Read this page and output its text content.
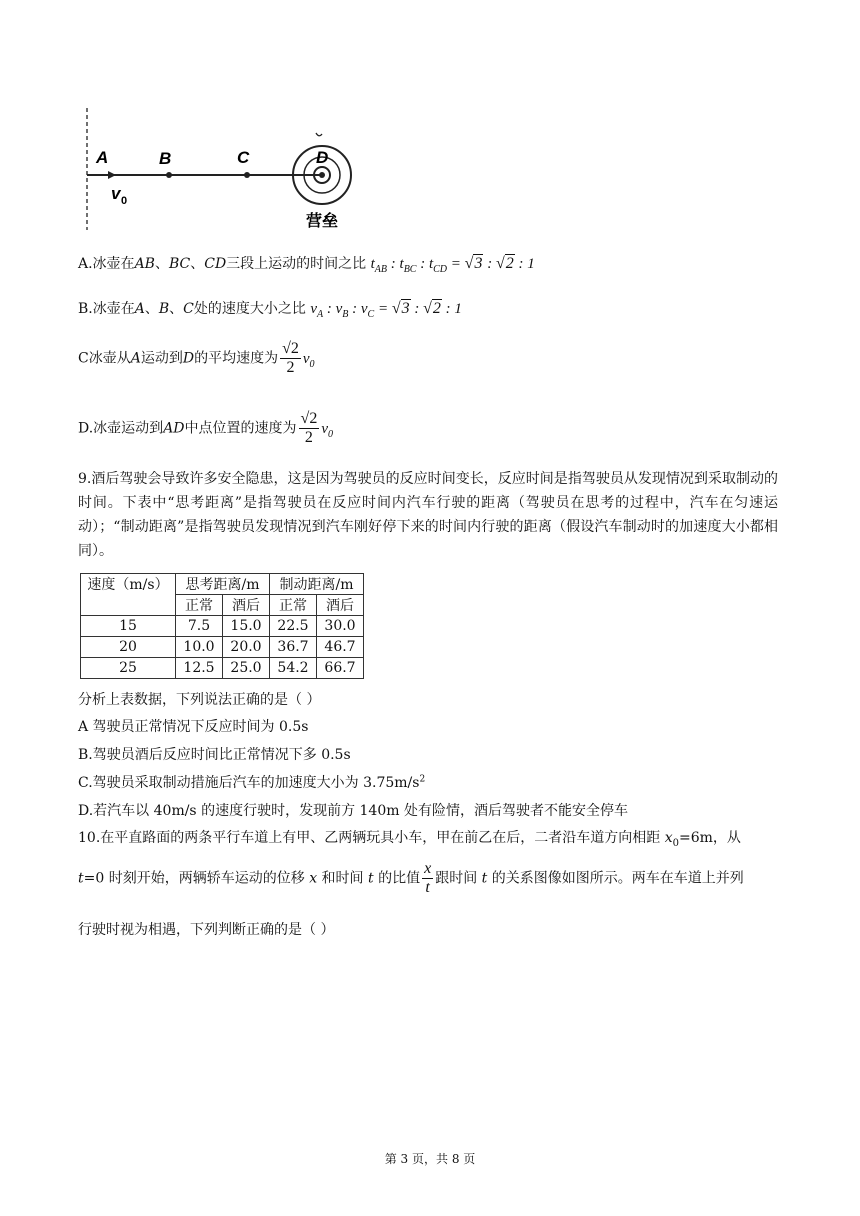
A	B	C	D
v 0
营垒
A.冰壶在AB、BC、CD三段上运动的时间之比 $t_{AB}$ : $t_{BC}$ : $t_{CD} = √3$ : √2 : 1
B.冰壶在A、B、C处的速度大小之比 $v_A$ : $v_B$ : $v_C = √3$ : √2 : 1
C冰壶从A运动到D的平均速度为 $\frac{√2}{2} v_0$
D.冰壶运动到AD中点位置的速度为 $\frac{√2}{2} v_0$
9.酒后驾驶会导致许多安全隐患，这是因为驾驶员的反应时间变长，反应时间是指驾驶员从发现情况到采取制动的时间。下表中“思考距离”是指驾驶员在反应时间内汽车行驶的距离（驾驶员在思考的过程中，汽车在匀速运动）；“制动距离”是指驾驶员发现情况到汽车刚好停下来的时间内行驶的距离（假设汽车制动时的加速度大小都相同）。
速度（m/s）	思考距离/m		制动距离/m	
	正常	酒后	正常	酒后
15	7.5	15.0	22.5	30.0
20	10.0	20.0	36.7	46.7
25	12.5	25.0	54.2	66.7
分析上表数据，下列说法正确的是（ ）
A 驾驶员正常情况下反应时间为 0.5s
B.驾驶员酒后反应时间比正常情况下多 0.5s
C.驾驶员采取制动措施后汽车的加速度大小为 $3.75m/s^2$
D.若汽车以 40m/s 的速度行驶时，发现前方 140m 处有险情，酒后驾驶者不能安全停车
10.在平直路面的两条平行车道上有甲、乙两辆玩具小车，甲在前乙在后，二者沿车道方向相距 $x_0=6m$，从
t=0 时刻开始，两辆轿车运动的位移 x 和时间 t 的比值 $\frac{x}{t}$ 跟时间 t 的关系图像如图所示。两车在车道上并列
行驶时视为相遇，下列判断正确的是（ ）
第 3 页，共 8 页
